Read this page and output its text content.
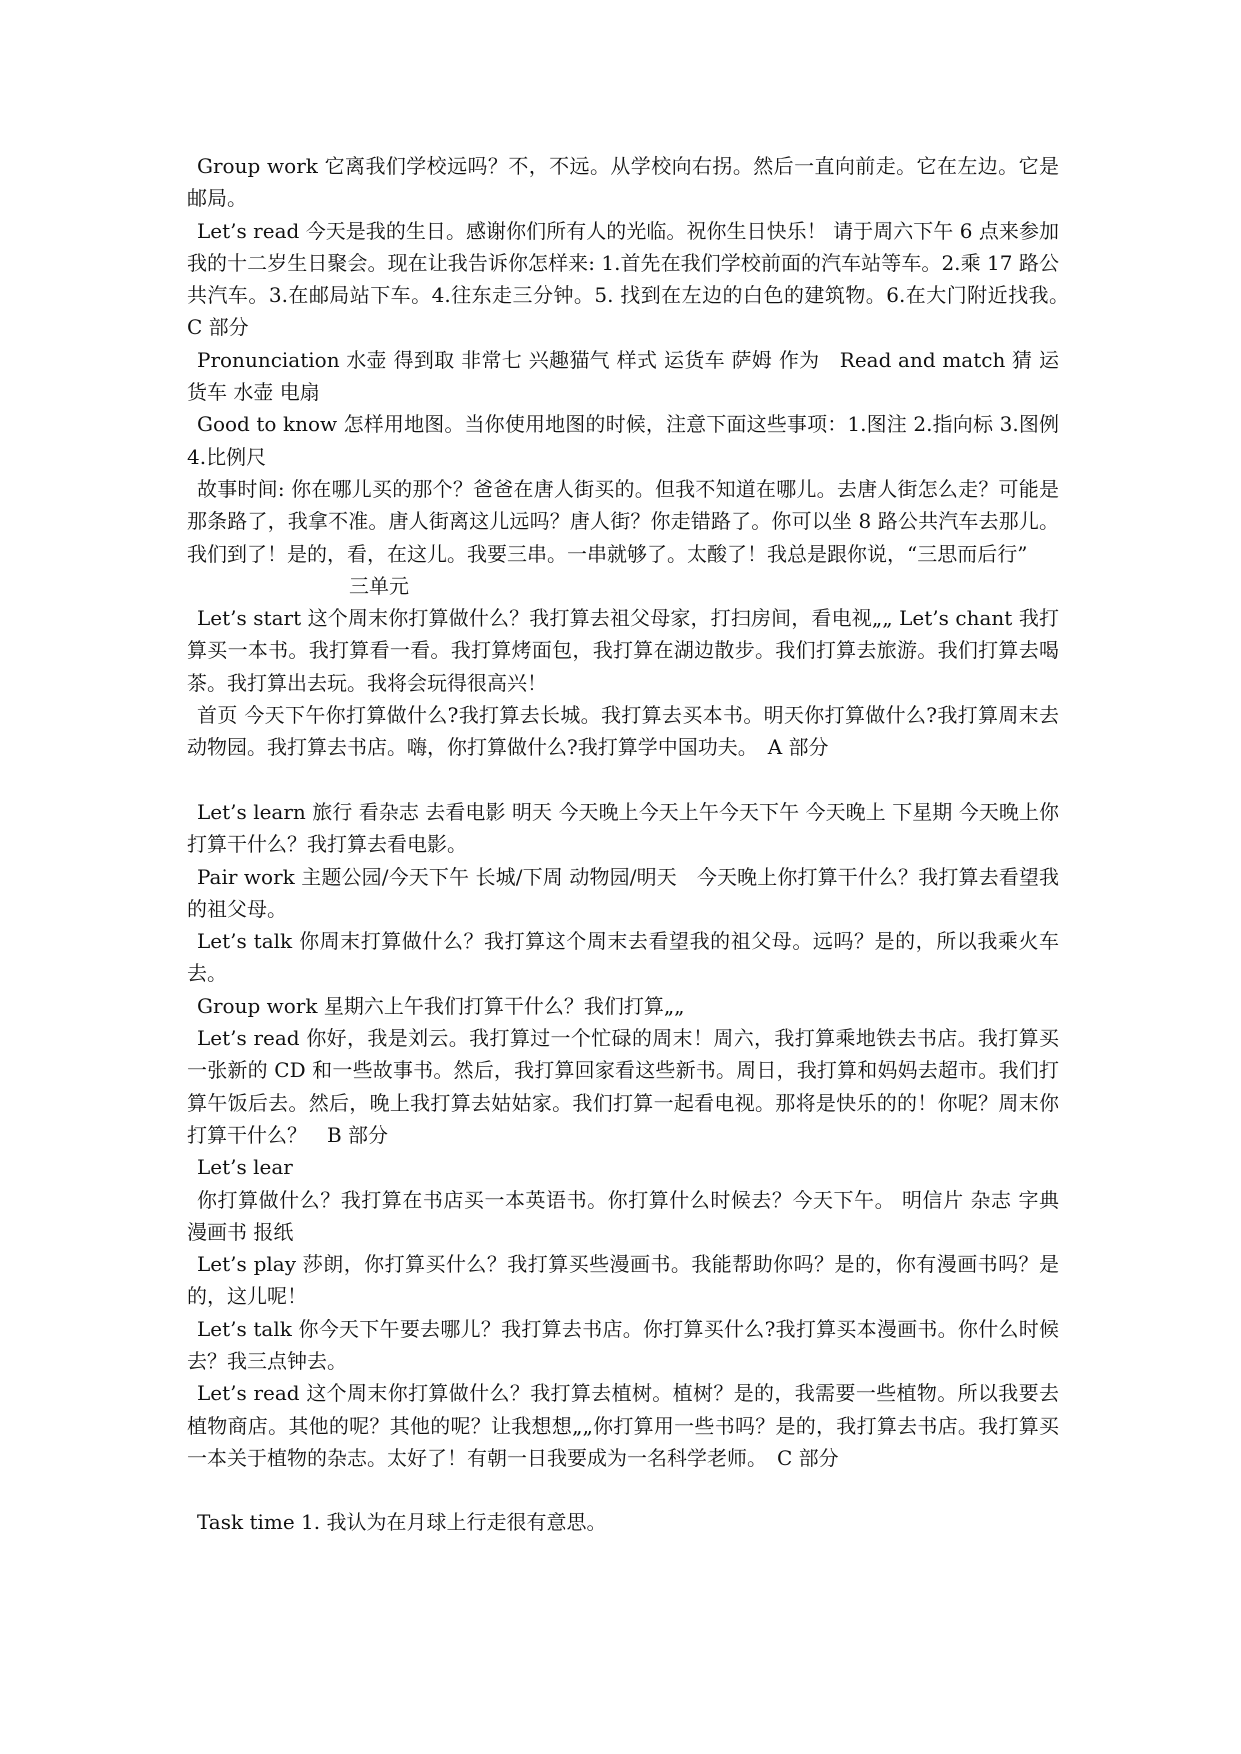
Group work 它离我们学校远吗？不，不远。从学校向右拐。然后一直向前走。它在左边。它是邮局。

Let’s read 今天是我的生日。感谢你们所有人的光临。祝你生日快乐！ 请于周六下午 6 点来参加我的十二岁生日聚会。现在让我告诉你怎样来: 1.首先在我们学校前面的汽车站等车。2.乘 17 路公共汽车。3.在邮局站下车。4.往东走三分钟。5. 找到在左边的白色的建筑物。6.在大门附近找我。　C 部分

Pronunciation 水壶 得到取 非常七 兴趣猫气 样式 运货车 萨姆 作为　Read and match 猜 运货车 水壶 电扇

Good to know 怎样用地图。当你使用地图的时候，注意下面这些事项：1.图注 2.指向标 3.图例 4.比例尺

故事时间: 你在哪儿买的那个？爸爸在唐人街买的。但我不知道在哪儿。去唐人街怎么走？可能是那条路了，我拿不准。唐人街离这儿远吗？唐人街？你走错路了。你可以坐 8 路公共汽车去那儿。我们到了！是的，看，在这儿。我要三串。一串就够了。太酸了！我总是跟你说，“三思而后行”

三单元

Let’s start 这个周末你打算做什么？我打算去祖父母家，打扫房间，看电视„„ Let’s chant 我打算买一本书。我打算看一看。我打算烤面包，我打算在湖边散步。我们打算去旅游。我们打算去喝茶。我打算出去玩。我将会玩得很高兴！

首页 今天下午你打算做什么?我打算去长城。我打算去买本书。明天你打算做什么?我打算周末去动物园。我打算去书店。嗨，你打算做什么?我打算学中国功夫。　A 部分

Let’s learn 旅行 看杂志 去看电影 明天 今天晚上今天上午今天下午 今天晚上 下星期 今天晚上你打算干什么？我打算去看电影。

Pair work 主题公园/今天下午 长城/下周 动物园/明天　今天晚上你打算干什么？我打算去看望我的祖父母。

Let’s talk 你周末打算做什么？我打算这个周末去看望我的祖父母。远吗？是的，所以我乘火车去。

Group work 星期六上午我们打算干什么？我们打算„„

Let’s read 你好，我是刘云。我打算过一个忙碌的周末！周六，我打算乘地铁去书店。我打算买一张新的 CD 和一些故事书。然后，我打算回家看这些新书。周日，我打算和妈妈去超市。我们打算午饭后去。然后，晚上我打算去姑姑家。我们打算一起看电视。那将是快乐的的！你呢？周末你打算干什么？　B 部分

Let’s lear

你打算做什么？我打算在书店买一本英语书。你打算什么时候去？今天下午。 明信片 杂志 字典 漫画书 报纸

Let’s play 莎朗，你打算买什么？我打算买些漫画书。我能帮助你吗？是的，你有漫画书吗？是的，这儿呢！

Let’s talk 你今天下午要去哪儿？我打算去书店。你打算买什么?我打算买本漫画书。你什么时候去？我三点钟去。

Let’s read 这个周末你打算做什么？我打算去植树。植树？是的，我需要一些植物。所以我要去植物商店。其他的呢？其他的呢？让我想想„„你打算用一些书吗？是的，我打算去书店。我打算买一本关于植物的杂志。太好了！有朝一日我要成为一名科学老师。　C 部分

Task time 1. 我认为在月球上行走很有意思。
